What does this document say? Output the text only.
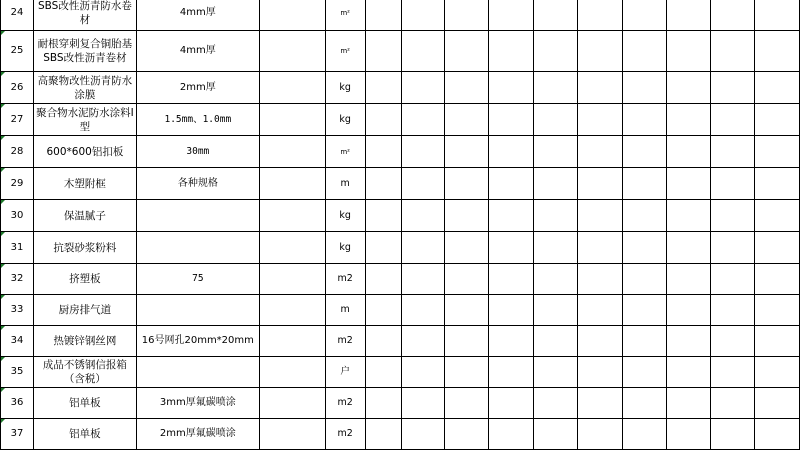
24	SBS改性沥青防水卷材	4mm厚		m²										

25	耐根穿刺复合铜胎基SBS改性沥青卷材	4mm厚		m²										

26	高聚物改性沥青防水涂膜	2mm厚		kg										

27	聚合物水泥防水涂料Ⅰ型	1.5mm、1.0mm		kg										

28	600*600铝扣板	30mm		m²										

29	木塑附框	各种规格		m										

30	保温腻子			kg										

31	抗裂砂浆粉料			kg										

32	挤塑板	75		m2										

33	厨房排气道			m										

34	热镀锌钢丝网	16号网孔20mm*20mm		m2										

35	成品不锈钢信报箱（含税）			户										

36	铝单板	3mm厚氟碳喷涂		m2										

37	铝单板	2mm厚氟碳喷涂		m2										
